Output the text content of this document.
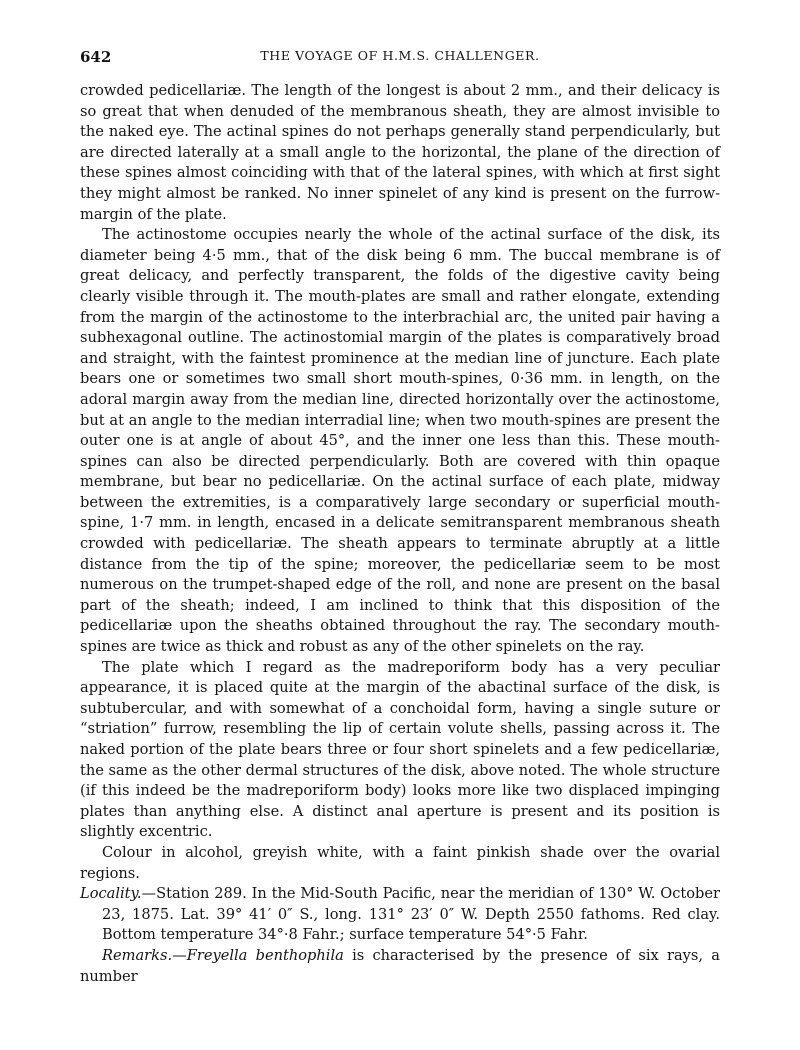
642	THE VOYAGE OF H.M.S. CHALLENGER.

crowded pedicellariæ. The length of the longest is about 2 mm., and their delicacy is so great that when denuded of the membranous sheath, they are almost invisible to the naked eye. The actinal spines do not perhaps generally stand perpendicularly, but are directed laterally at a small angle to the horizontal, the plane of the direction of these spines almost coinciding with that of the lateral spines, with which at first sight they might almost be ranked. No inner spinelet of any kind is present on the furrow-margin of the plate.

The actinostome occupies nearly the whole of the actinal surface of the disk, its diameter being 4·5 mm., that of the disk being 6 mm. The buccal membrane is of great delicacy, and perfectly transparent, the folds of the digestive cavity being clearly visible through it. The mouth-plates are small and rather elongate, extending from the margin of the actinostome to the interbrachial arc, the united pair having a subhexagonal outline. The actinostomial margin of the plates is comparatively broad and straight, with the faintest prominence at the median line of juncture. Each plate bears one or sometimes two small short mouth-spines, 0·36 mm. in length, on the adoral margin away from the median line, directed horizontally over the actinostome, but at an angle to the median interradial line; when two mouth-spines are present the outer one is at angle of about 45°, and the inner one less than this. These mouth-spines can also be directed perpendicularly. Both are covered with thin opaque membrane, but bear no pedicellariæ. On the actinal surface of each plate, midway between the extremities, is a comparatively large secondary or superficial mouth-spine, 1·7 mm. in length, encased in a delicate semitransparent membranous sheath crowded with pedicellariæ. The sheath appears to terminate abruptly at a little distance from the tip of the spine; moreover, the pedicellariæ seem to be most numerous on the trumpet-shaped edge of the roll, and none are present on the basal part of the sheath; indeed, I am inclined to think that this disposition of the pedicellariæ upon the sheaths obtained throughout the ray. The secondary mouth-spines are twice as thick and robust as any of the other spinelets on the ray.

The plate which I regard as the madreporiform body has a very peculiar appearance, it is placed quite at the margin of the abactinal surface of the disk, is subtubercular, and with somewhat of a conchoidal form, having a single suture or “striation” furrow, resembling the lip of certain volute shells, passing across it. The naked portion of the plate bears three or four short spinelets and a few pedicellariæ, the same as the other dermal structures of the disk, above noted. The whole structure (if this indeed be the madreporiform body) looks more like two displaced impinging plates than anything else. A distinct anal aperture is present and its position is slightly excentric.

Colour in alcohol, greyish white, with a faint pinkish shade over the ovarial regions.

Locality.—Station 289. In the Mid-South Pacific, near the meridian of 130° W. October 23, 1875. Lat. 39° 41′ 0″ S., long. 131° 23′ 0″ W. Depth 2550 fathoms. Red clay. Bottom temperature 34°·8 Fahr.; surface temperature 54°·5 Fahr.

Remarks.—Freyella benthophila is characterised by the presence of six rays, a number
